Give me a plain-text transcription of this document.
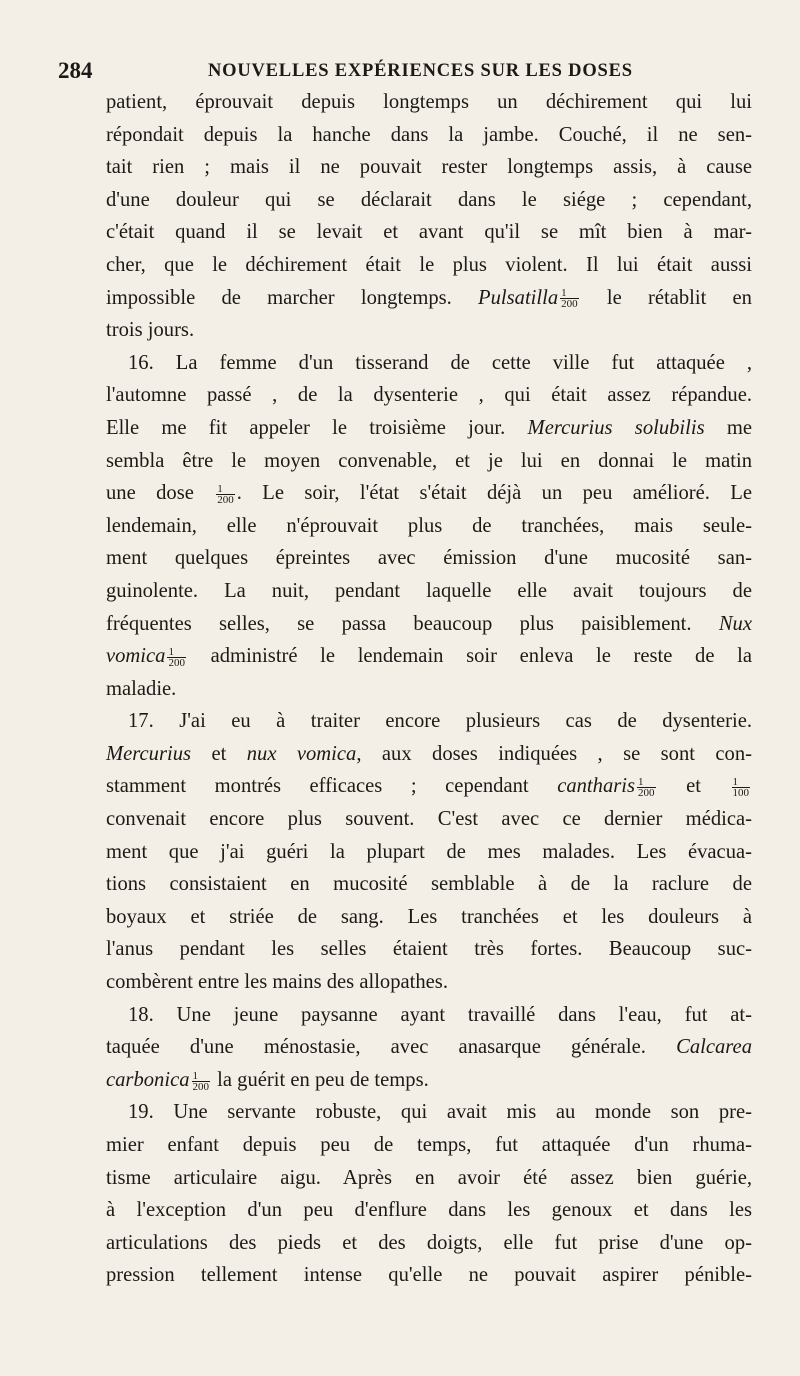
284	NOUVELLES EXPÉRIENCES SUR LES DOSES
patient, éprouvait depuis longtemps un déchirement qui lui
répondait depuis la hanche dans la jambe. Couché, il ne sen-
tait rien ; mais il ne pouvait rester longtemps assis, à cause
d'une douleur qui se déclarait dans le siége ; cependant,
c'était quand il se levait et avant qu'il se mît bien à mar-
cher, que le déchirement était le plus violent. Il lui était aussi
impossible de marcher longtemps. Pulsatilla $\frac{1}{200}$ le rétablit en
trois jours.
16. La femme d'un tisserand de cette ville fut attaquée ,
l'automne passé , de la dysenterie , qui était assez répandue.
Elle me fit appeler le troisième jour. Mercurius solubilis me
sembla être le moyen convenable, et je lui en donnai le matin
une dose $\frac{1}{200}$ . Le soir, l'état s'était déjà un peu amélioré. Le
lendemain, elle n'éprouvait plus de tranchées, mais seule-
ment quelques épreintes avec émission d'une mucosité san-
guinolente. La nuit, pendant laquelle elle avait toujours de
fréquentes selles, se passa beaucoup plus paisiblement. Nux
vomica $\frac{1}{200}$ administré le lendemain soir enleva le reste de la
maladie.
17. J'ai eu à traiter encore plusieurs cas de dysenterie.
Mercurius et nux vomica, aux doses indiquées , se sont con-
stamment montrés efficaces ; cependant cantharis $\frac{1}{200}$ et $\frac{1}{100}$
convenait encore plus souvent. C'est avec ce dernier médica-
ment que j'ai guéri la plupart de mes malades. Les évacua-
tions consistaient en mucosité semblable à de la raclure de
boyaux et striée de sang. Les tranchées et les douleurs à
l'anus pendant les selles étaient très fortes. Beaucoup suc-
combèrent entre les mains des allopathes.
18. Une jeune paysanne ayant travaillé dans l'eau, fut at-
taquée d'une ménostasie, avec anasarque générale. Calcarea
carbonica $\frac{1}{200}$ la guérit en peu de temps.
19. Une servante robuste, qui avait mis au monde son pre-
mier enfant depuis peu de temps, fut attaquée d'un rhuma-
tisme articulaire aigu. Après en avoir été assez bien guérie,
à l'exception d'un peu d'enflure dans les genoux et dans les
articulations des pieds et des doigts, elle fut prise d'une op-
pression tellement intense qu'elle ne pouvait aspirer pénible-
